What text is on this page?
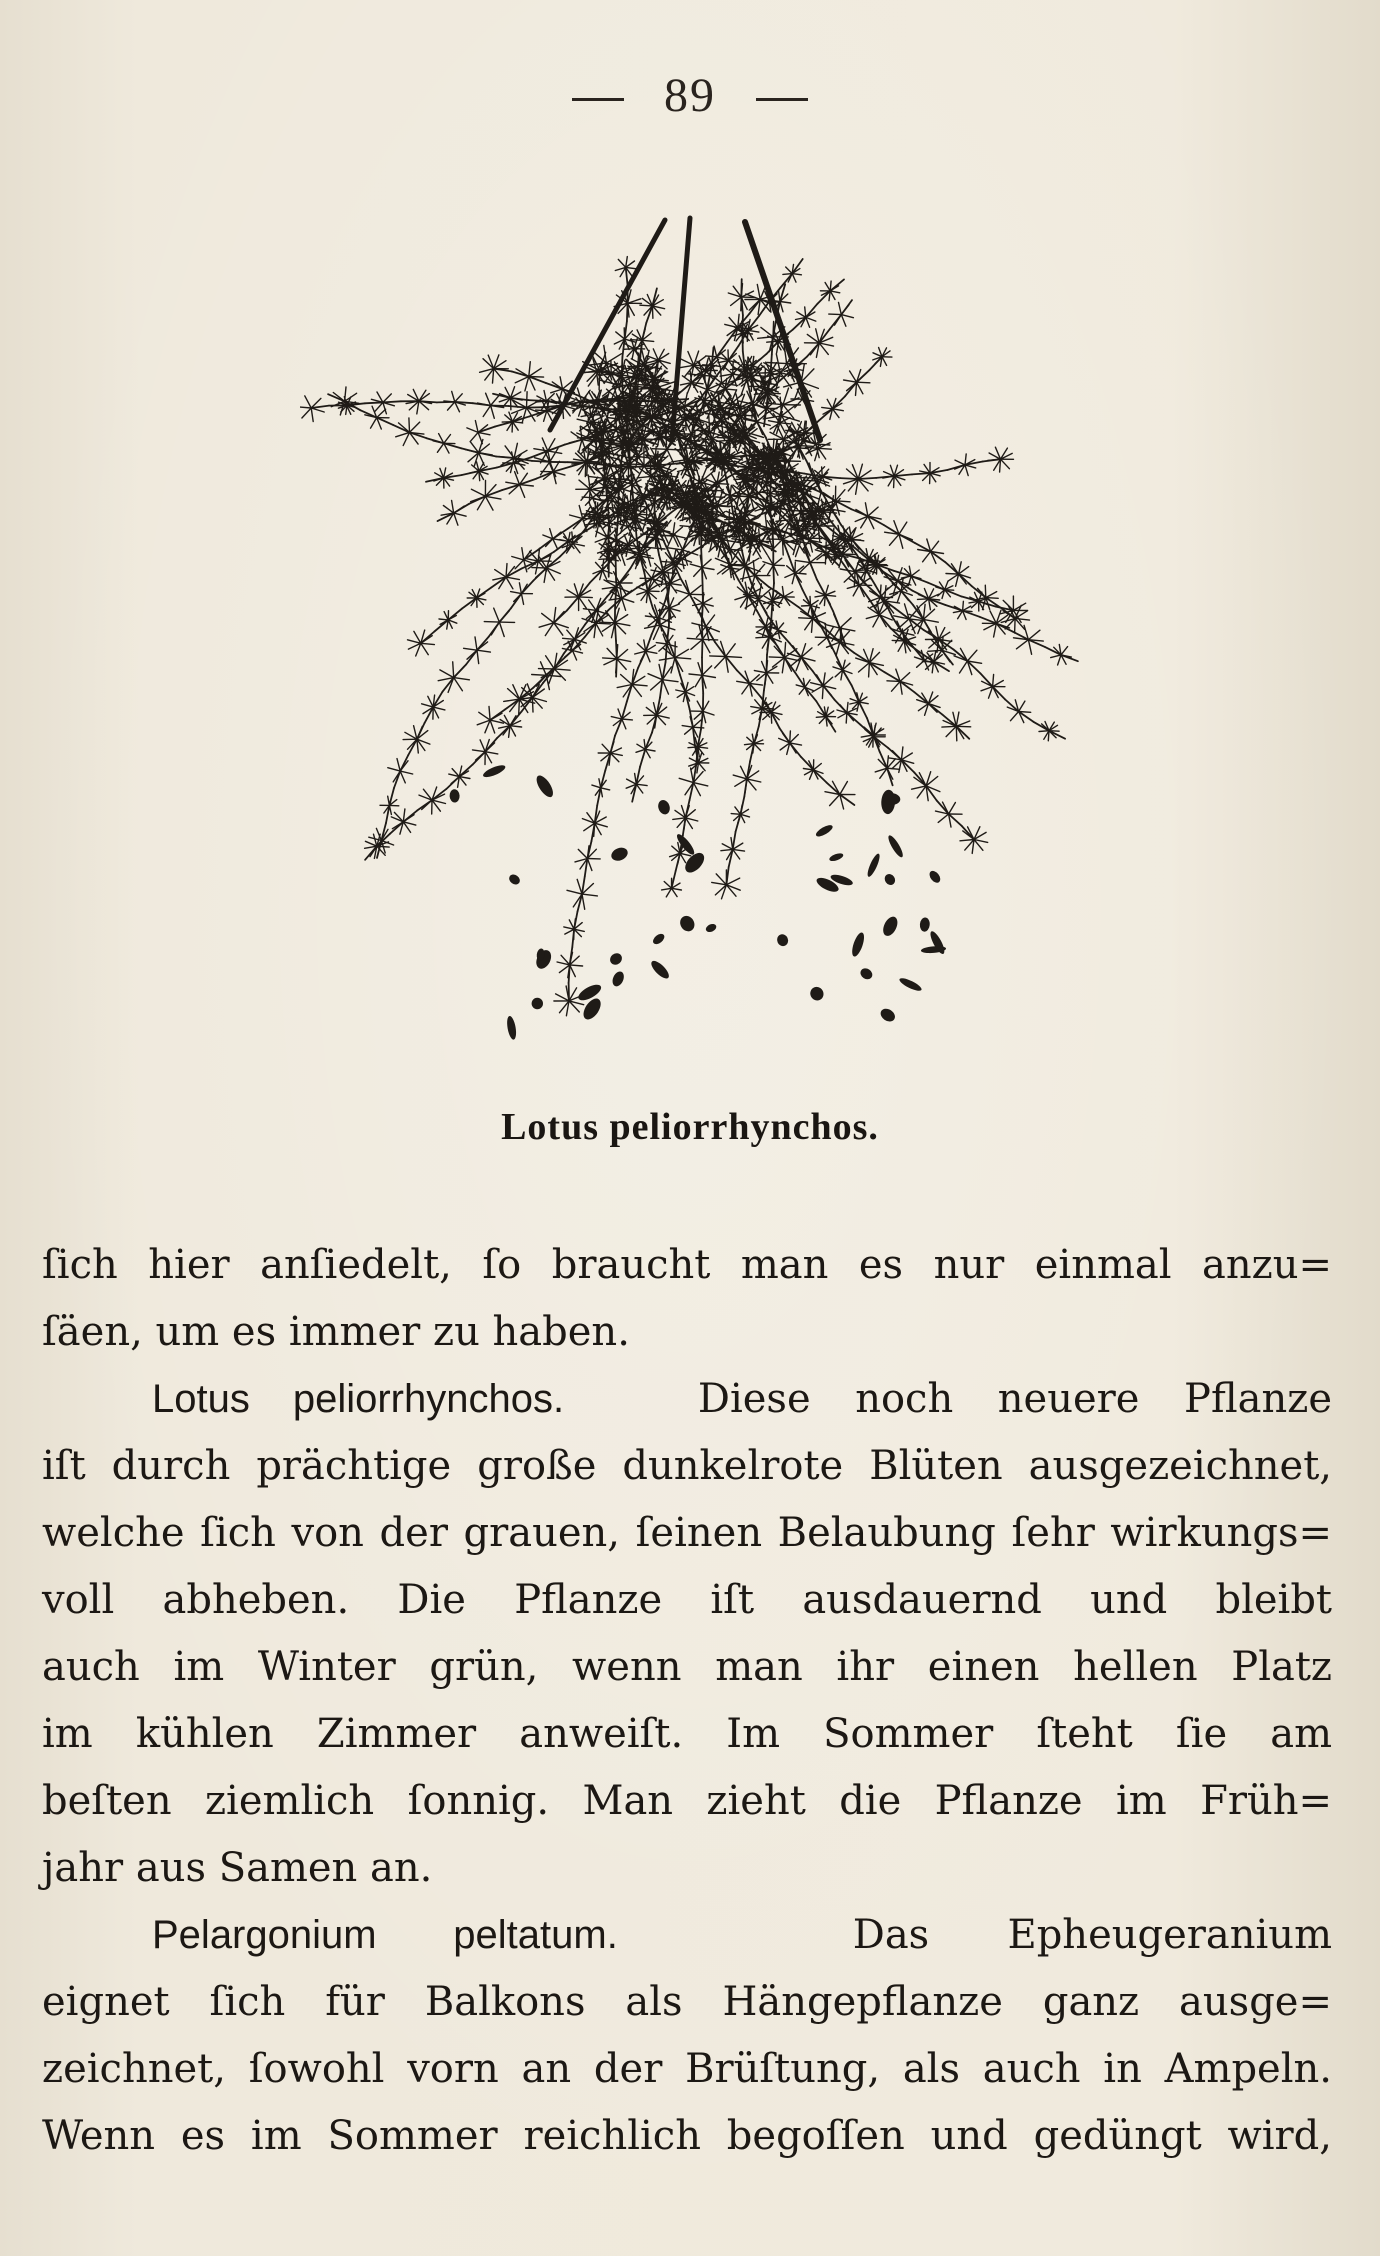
89
Lotus peliorrhynchos.
ſich hier anſiedelt, ſo braucht man es nur einmal anzu=
ſäen, um es immer zu haben.
Lotus peliorrhynchos.	Diese noch neuere Pflanze
iſt durch prächtige große dunkelrote Blüten ausgezeichnet,
welche ſich von der grauen, ſeinen Belaubung ſehr wirkungs=
voll abheben. Die Pflanze iſt ausdauernd und bleibt
auch im Winter grün, wenn man ihr einen hellen Platz
im kühlen Zimmer anweiſt. Im Sommer ſteht ſie am
beſten ziemlich ſonnig. Man zieht die Pflanze im Früh=
jahr aus Samen an.
Pelargonium peltatum.	Das Epheugeranium
eignet ſich für Balkons als Hängepflanze ganz ausge=
zeichnet, ſowohl vorn an der Brüſtung, als auch in Ampeln.
Wenn es im Sommer reichlich begoſſen und gedüngt wird,
